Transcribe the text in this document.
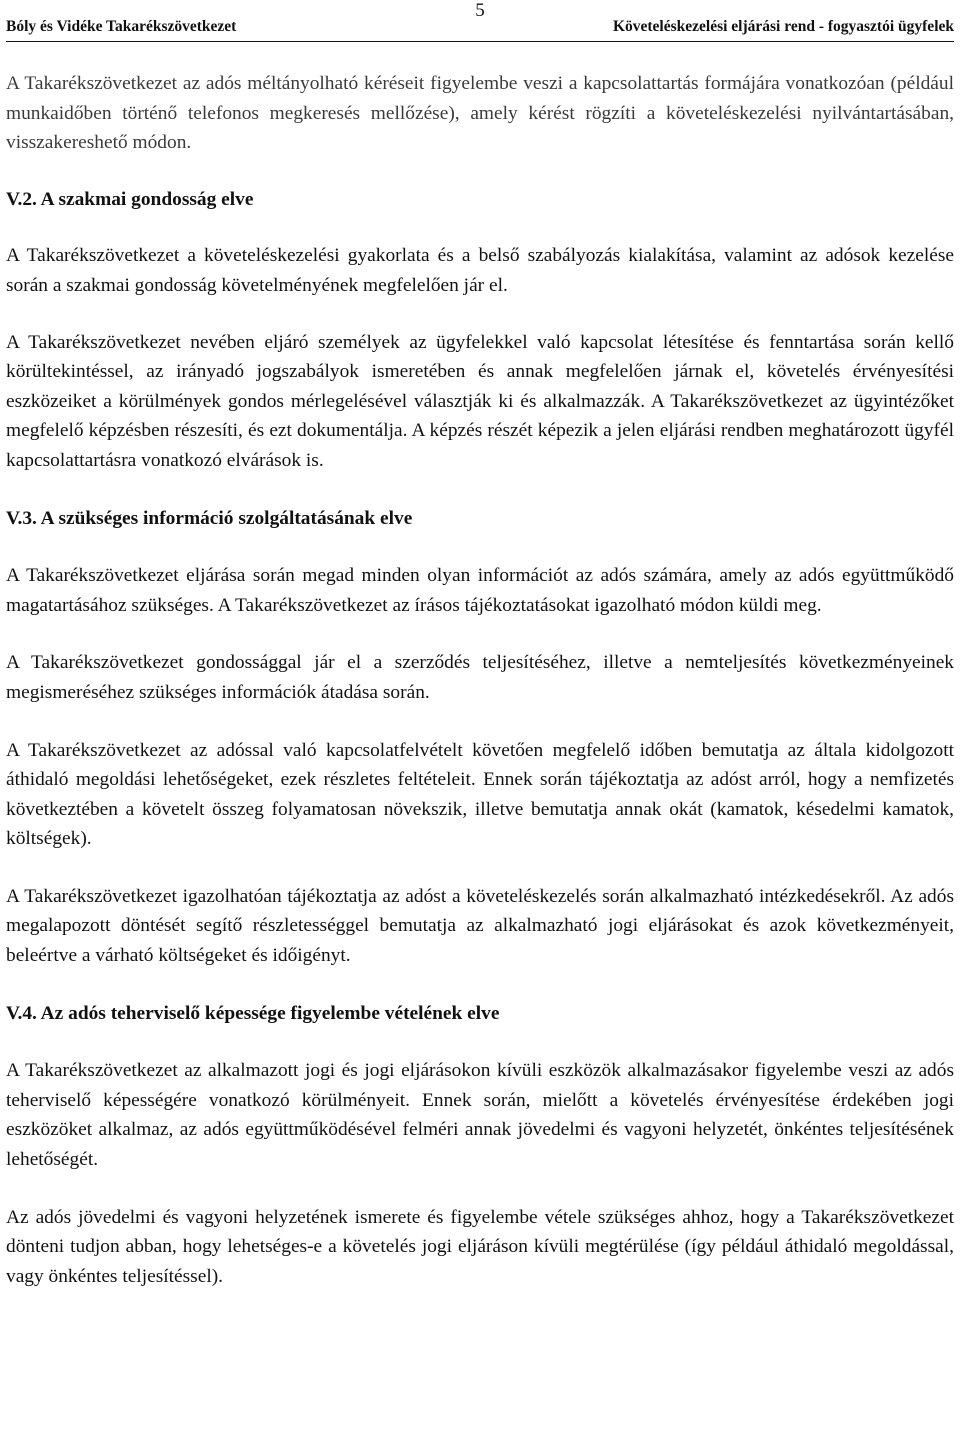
5
Bóly és Vidéke Takarékszövetkezet	Követeléskezelési eljárási rend - fogyasztói ügyfelek

A Takarékszövetkezet az adós méltányolható kéréseit figyelembe veszi a kapcsolattartás formájára vonatkozóan (például munkaidőben történő telefonos megkeresés mellőzése), amely kérést rögzíti a követeléskezelési nyilvántartásában, visszakereshető módon.

V.2. A szakmai gondosság elve

A Takarékszövetkezet a követeléskezelési gyakorlata és a belső szabályozás kialakítása, valamint az adósok kezelése során a szakmai gondosság követelményének megfelelően jár el.

A Takarékszövetkezet nevében eljáró személyek az ügyfelekkel való kapcsolat létesítése és fenntartása során kellő körültekintéssel, az irányadó jogszabályok ismeretében és annak megfelelően járnak el, követelés érvényesítési eszközeiket a körülmények gondos mérlegelésével választják ki és alkalmazzák. A Takarékszövetkezet az ügyintézőket megfelelő képzésben részesíti, és ezt dokumentálja. A képzés részét képezik a jelen eljárási rendben meghatározott ügyfél kapcsolattartásra vonatkozó elvárások is.

V.3. A szükséges információ szolgáltatásának elve

A Takarékszövetkezet eljárása során megad minden olyan információt az adós számára, amely az adós együttműködő magatartásához szükséges. A Takarékszövetkezet az írásos tájékoztatásokat igazolható módon küldi meg.

A Takarékszövetkezet gondossággal jár el a szerződés teljesítéséhez, illetve a nemteljesítés következményeinek megismeréséhez szükséges információk átadása során.

A Takarékszövetkezet az adóssal való kapcsolatfelvételt követően megfelelő időben bemutatja az általa kidolgozott áthidaló megoldási lehetőségeket, ezek részletes feltételeit. Ennek során tájékoztatja az adóst arról, hogy a nemfizetés következtében a követelt összeg folyamatosan növekszik, illetve bemutatja annak okát (kamatok, késedelmi kamatok, költségek).

A Takarékszövetkezet igazolhatóan tájékoztatja az adóst a követeléskezelés során alkalmazható intézkedésekről. Az adós megalapozott döntését segítő részletességgel bemutatja az alkalmazható jogi eljárásokat és azok következményeit, beleértve a várható költségeket és időigényt.

V.4. Az adós teherviselő képessége figyelembe vételének elve

A Takarékszövetkezet az alkalmazott jogi és jogi eljárásokon kívüli eszközök alkalmazásakor figyelembe veszi az adós teherviselő képességére vonatkozó körülményeit. Ennek során, mielőtt a követelés érvényesítése érdekében jogi eszközöket alkalmaz, az adós együttműködésével felméri annak jövedelmi és vagyoni helyzetét, önkéntes teljesítésének lehetőségét.

Az adós jövedelmi és vagyoni helyzetének ismerete és figyelembe vétele szükséges ahhoz, hogy a Takarékszövetkezet dönteni tudjon abban, hogy lehetséges-e a követelés jogi eljáráson kívüli megtérülése (így például áthidaló megoldással, vagy önkéntes teljesítéssel).
